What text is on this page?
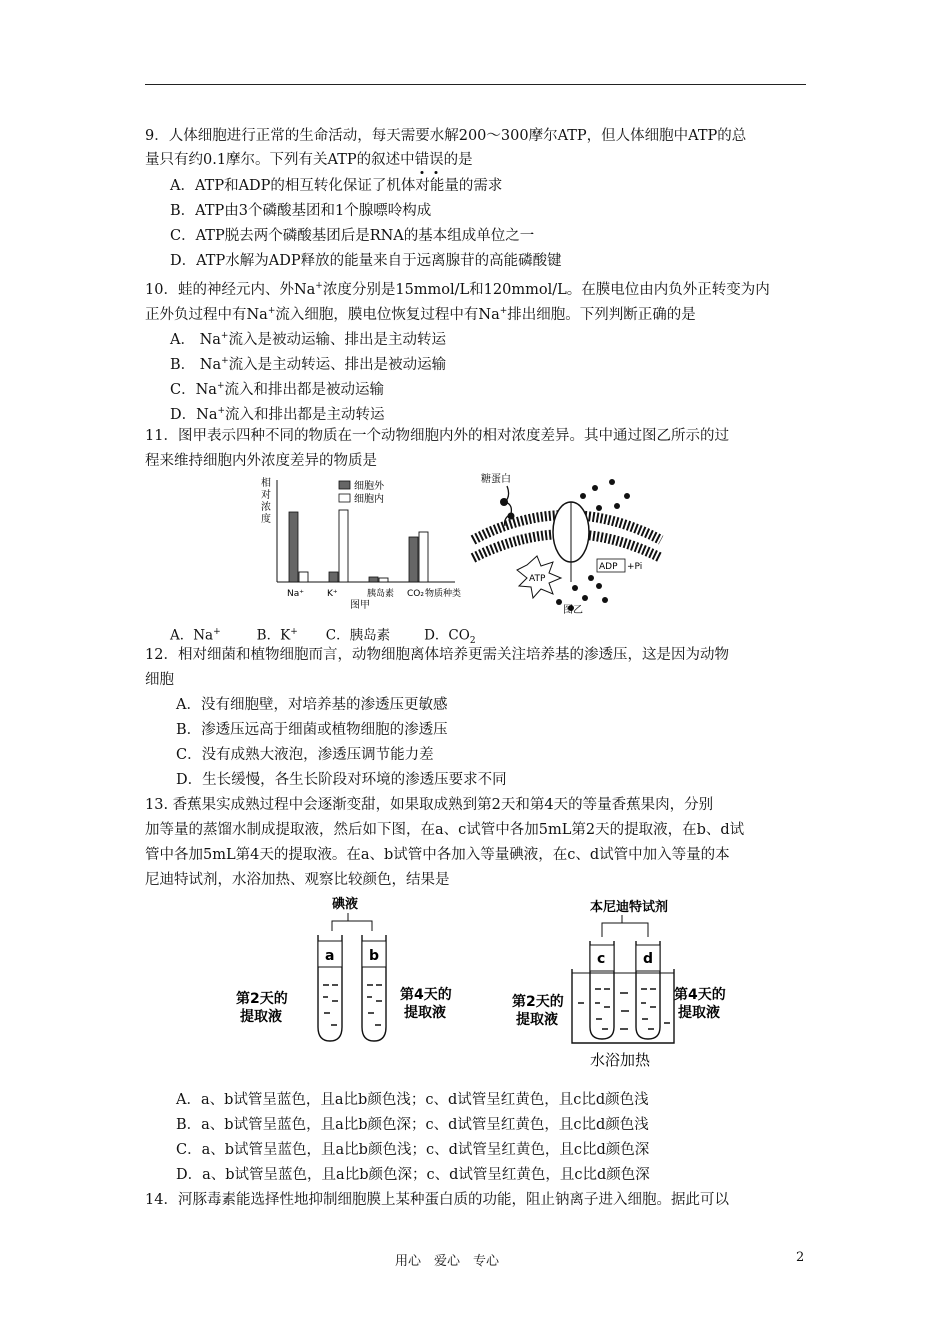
9．人体细胞进行正常的生命活动，每天需要水解200～300摩尔ATP，但人体细胞中ATP的总
量只有约0.1摩尔。下列有关ATP的叙述中错误的是
A．ATP和ADP的相互转化保证了机体对能量的需求
B．ATP由3个磷酸基团和1个腺嘌呤构成
C．ATP脱去两个磷酸基团后是RNA的基本组成单位之一
D．ATP水解为ADP释放的能量来自于远离腺苷的高能磷酸键
10．蛙的神经元内、外Na+浓度分别是15mmol/L和120mmol/L。在膜电位由内负外正转变为内
正外负过程中有Na+流入细胞，膜电位恢复过程中有Na+排出细胞。下列判断正确的是
A． Na+流入是被动运输、排出是主动转运
B． Na+流入是主动转运、排出是被动运输
C．Na+流入和排出都是被动运输
D．Na+流入和排出都是主动转运
11．图甲表示四种不同的物质在一个动物细胞内外的相对浓度差异。其中通过图乙所示的过
程来维持细胞内外浓度差异的物质是
相对浓度
细胞外
细胞内
Na⁺	K⁺	胰岛素 CO₂ 物质种类
图甲
糖蛋白
ATP
ADP +Pi
图乙
A．Na+	B．K+ C．胰岛素	D．$CO_2$
12．相对细菌和植物细胞而言，动物细胞离体培养更需关注培养基的渗透压，这是因为动物
细胞
A．没有细胞壁，对培养基的渗透压更敏感
B．渗透压远高于细菌或植物细胞的渗透压
C．没有成熟大液泡，渗透压调节能力差
D．生长缓慢，各生长阶段对环境的渗透压要求不同
13. 香蕉果实成熟过程中会逐渐变甜，如果取成熟到第2天和第4天的等量香蕉果肉，分别
加等量的蒸馏水制成提取液，然后如下图，在a、c试管中各加5mL第2天的提取液，在b、d试
管中各加5mL第4天的提取液。在a、b试管中各加入等量碘液，在c、d试管中加入等量的本
尼迪特试剂，水浴加热、观察比较颜色，结果是
碘液
a b
第2天的
提取液
第4天的
提取液
本尼迪特试剂
c	d
第2天的
提取液
第4天的
提取液
水浴加热
A．a、b试管呈蓝色，且a比b颜色浅；c、d试管呈红黄色，且c比d颜色浅
B．a、b试管呈蓝色，且a比b颜色深；c、d试管呈红黄色，且c比d颜色浅
C．a、b试管呈蓝色，且a比b颜色浅；c、d试管呈红黄色，且c比d颜色深
D．a、b试管呈蓝色，且a比b颜色深；c、d试管呈红黄色，且c比d颜色深
14．河豚毒素能选择性地抑制细胞膜上某种蛋白质的功能，阻止钠离子进入细胞。据此可以
用心　爱心　专心	2
